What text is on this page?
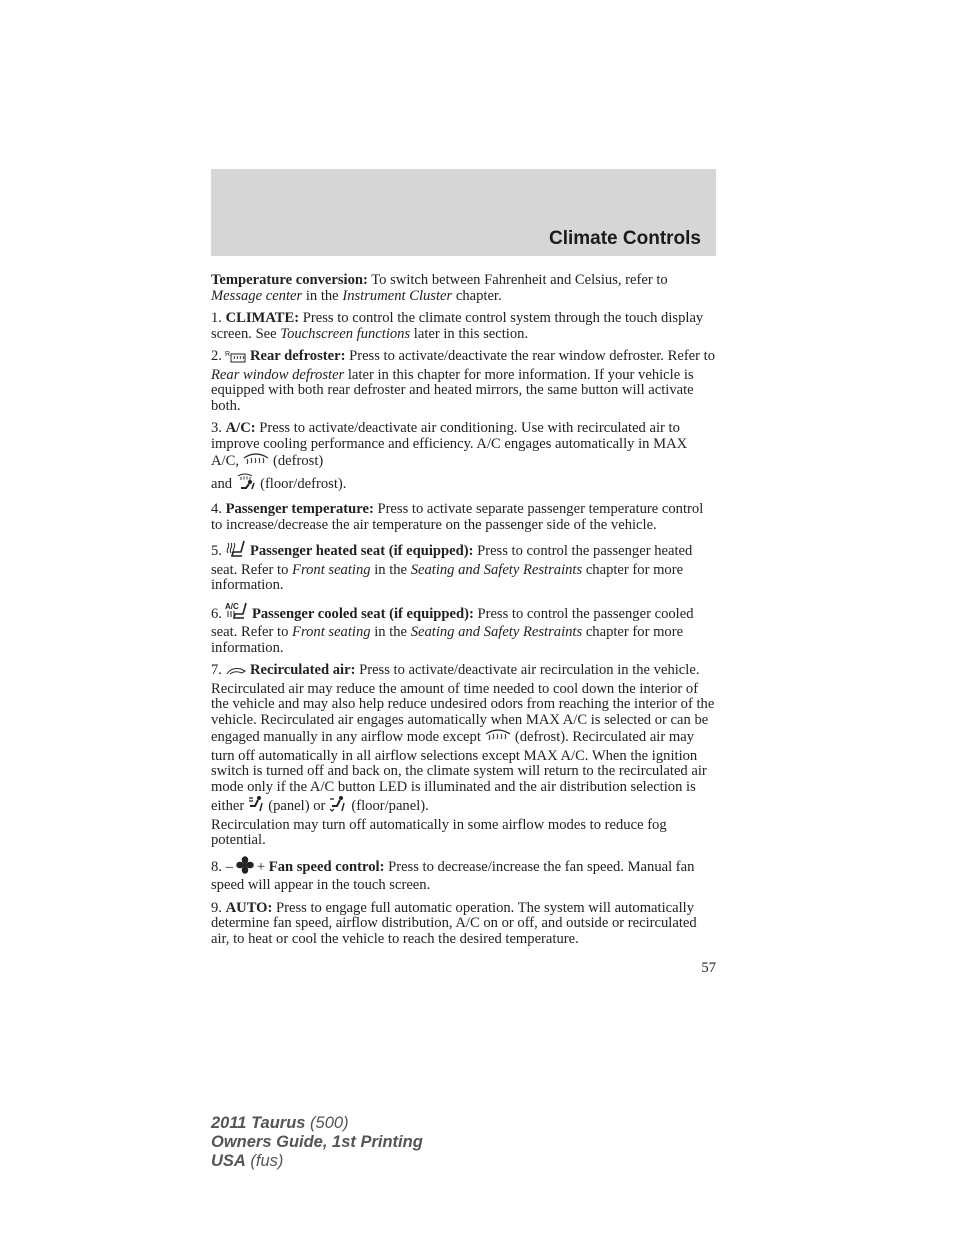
Climate Controls

Temperature conversion: To switch between Fahrenheit and Celsius, refer to Message center in the Instrument Cluster chapter.

1. CLIMATE: Press to control the climate control system through the touch display screen. See Touchscreen functions later in this section.

2. R Rear defroster: Press to activate/deactivate the rear window defroster. Refer to Rear window defroster later in this chapter for more information. If your vehicle is equipped with both rear defroster and heated mirrors, the same button will activate both.

3. A/C: Press to activate/deactivate air conditioning. Use with recirculated air to improve cooling performance and efficiency. A/C engages automatically in MAX A/C, (defrost)
and (floor/defrost).

4. Passenger temperature: Press to activate separate passenger temperature control to increase/decrease the air temperature on the passenger side of the vehicle.

5. Passenger heated seat (if equipped): Press to control the passenger heated seat. Refer to Front seating in the Seating and Safety Restraints chapter for more information.

6. A/C Passenger cooled seat (if equipped): Press to control the passenger cooled seat. Refer to Front seating in the Seating and Safety Restraints chapter for more information.

7. Recirculated air: Press to activate/deactivate air recirculation in the vehicle. Recirculated air may reduce the amount of time needed to cool down the interior of the vehicle and may also help reduce undesired odors from reaching the interior of the vehicle. Recirculated air engages automatically when MAX A/C is selected or can be engaged manually in any airflow mode except (defrost). Recirculated air may turn off automatically in all airflow selections except MAX A/C. When the ignition switch is turned off and back on, the climate system will return to the recirculated air mode only if the A/C button LED is illuminated and the air distribution selection is either (panel) or (floor/panel).
Recirculation may turn off automatically in some airflow modes to reduce fog potential.

8. – + Fan speed control: Press to decrease/increase the fan speed. Manual fan speed will appear in the touch screen.

9. AUTO: Press to engage full automatic operation. The system will automatically determine fan speed, airflow distribution, A/C on or off, and outside or recirculated air, to heat or cool the vehicle to reach the desired temperature.

57
2011 Taurus (500)
Owners Guide, 1st Printing
USA (fus)
